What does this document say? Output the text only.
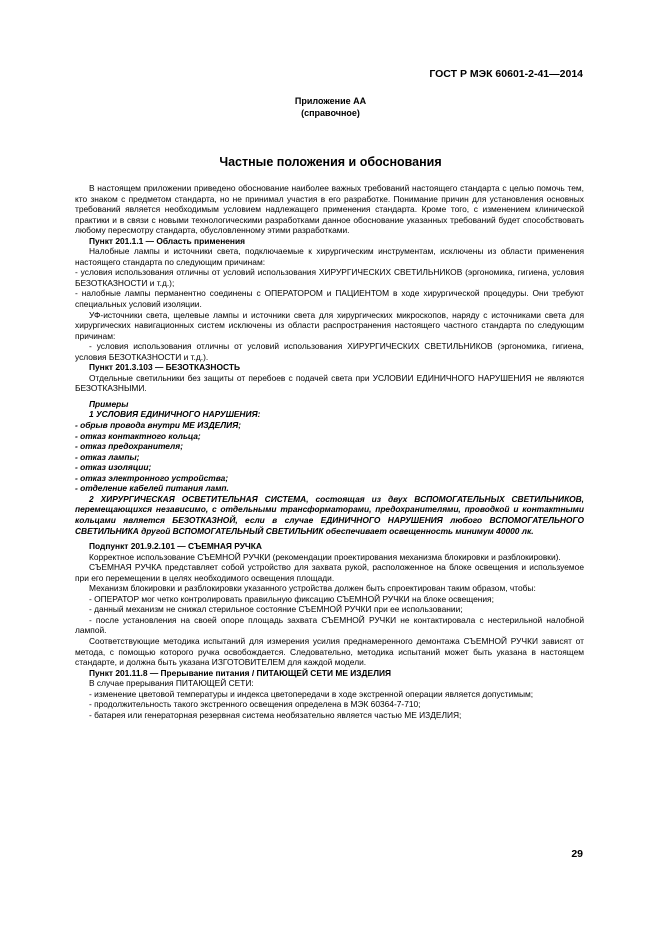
ГОСТ Р МЭК 60601-2-41—2014
Приложение АА
(справочное)
Частные положения и обоснования

В настоящем приложении приведено обоснование наиболее важных требований настоящего стандарта с целью помочь тем, кто знаком с предметом стандарта, но не принимал участия в его разработке. Понимание причин для установления основных требований является необходимым условием надлежащего применения стандарта. Кроме того, с изменением клинической практики и в связи с новыми технологическими разработками данное обоснование указанных требований будет способствовать любому пересмотру стандарта, обусловленному этими разработками.

Пункт 201.1.1 — Область применения

Налобные лампы и источники света, подключаемые к хирургическим инструментам, исключены из области применения настоящего стандарта по следующим причинам:

- условия использования отличны от условий использования ХИРУРГИЧЕСКИХ СВЕТИЛЬНИКОВ (эргономика, гигиена, условия БЕЗОТКАЗНОСТИ и т.д.);

- налобные лампы перманентно соединены с ОПЕРАТОРОМ и ПАЦИЕНТОМ в ходе хирургической процедуры. Они требуют специальных условий изоляции.

УФ-источники света, щелевые лампы и источники света для хирургических микроскопов, наряду с источниками света для хирургических навигационных систем исключены из области распространения настоящего частного стандарта по следующим причинам:

- условия использования отличны от условий использования ХИРУРГИЧЕСКИХ СВЕТИЛЬНИКОВ (эргономика, гигиена, условия БЕЗОТКАЗНОСТИ и т.д.).

Пункт 201.3.103 — БЕЗОТКАЗНОСТЬ

Отдельные светильники без защиты от перебоев с подачей света при УСЛОВИИ ЕДИНИЧНОГО НАРУШЕНИЯ не являются БЕЗОТКАЗНЫМИ.

Примеры

1 УСЛОВИЯ ЕДИНИЧНОГО НАРУШЕНИЯ:

- обрыв провода внутри МЕ ИЗДЕЛИЯ;

- отказ контактного кольца;

- отказ предохранителя;

- отказ лампы;

- отказ изоляции;

- отказ электронного устройства;

- отделение кабелей питания ламп.

2 ХИРУРГИЧЕСКАЯ ОСВЕТИТЕЛЬНАЯ СИСТЕМА, состоящая из двух ВСПОМОГАТЕЛЬНЫХ СВЕТИЛЬНИКОВ, перемещающихся независимо, с отдельными трансформаторами, предохранителями, проводкой и контактными кольцами является БЕЗОТКАЗНОЙ, если в случае ЕДИНИЧНОГО НАРУШЕНИЯ любого ВСПОМОГАТЕЛЬНОГО СВЕТИЛЬНИКА другой ВСПОМОГАТЕЛЬНЫЙ СВЕТИЛЬНИК обеспечивает освещенность минимум 40000 лк.

Подпункт 201.9.2.101 — СЪЕМНАЯ РУЧКА

Корректное использование СЪЕМНОЙ РУЧКИ (рекомендации проектирования механизма блокировки и разблокировки).

СЪЕМНАЯ РУЧКА представляет собой устройство для захвата рукой, расположенное на блоке освещения и используемое при его перемещении в целях необходимого освещения площади.

Механизм блокировки и разблокировки указанного устройства должен быть спроектирован таким образом, чтобы:

- ОПЕРАТОР мог четко контролировать правильную фиксацию СЪЕМНОЙ РУЧКИ на блоке освещения;

- данный механизм не снижал стерильное состояние СЪЕМНОЙ РУЧКИ при ее использовании;

- после установления на своей опоре площадь захвата СЪЕМНОЙ РУЧКИ не контактировала с нестерильной налобной лампой.

Соответствующие методика испытаний для измерения усилия преднамеренного демонтажа СЪЕМНОЙ РУЧКИ зависят от метода, с помощью которого ручка освобождается. Следовательно, методика испытаний может быть указана в настоящем стандарте, и должна быть указана ИЗГОТОВИТЕЛЕМ для каждой модели.

Пункт 201.11.8 — Прерывание питания / ПИТАЮЩЕЙ СЕТИ МЕ ИЗДЕЛИЯ

В случае прерывания ПИТАЮЩЕЙ СЕТИ:

- изменение цветовой температуры и индекса цветопередачи в ходе экстренной операции является допустимым;

- продолжительность такого экстренного освещения определена в МЭК 60364-7-710;

- батарея или генераторная резервная система необязательно является частью МЕ ИЗДЕЛИЯ;

29
